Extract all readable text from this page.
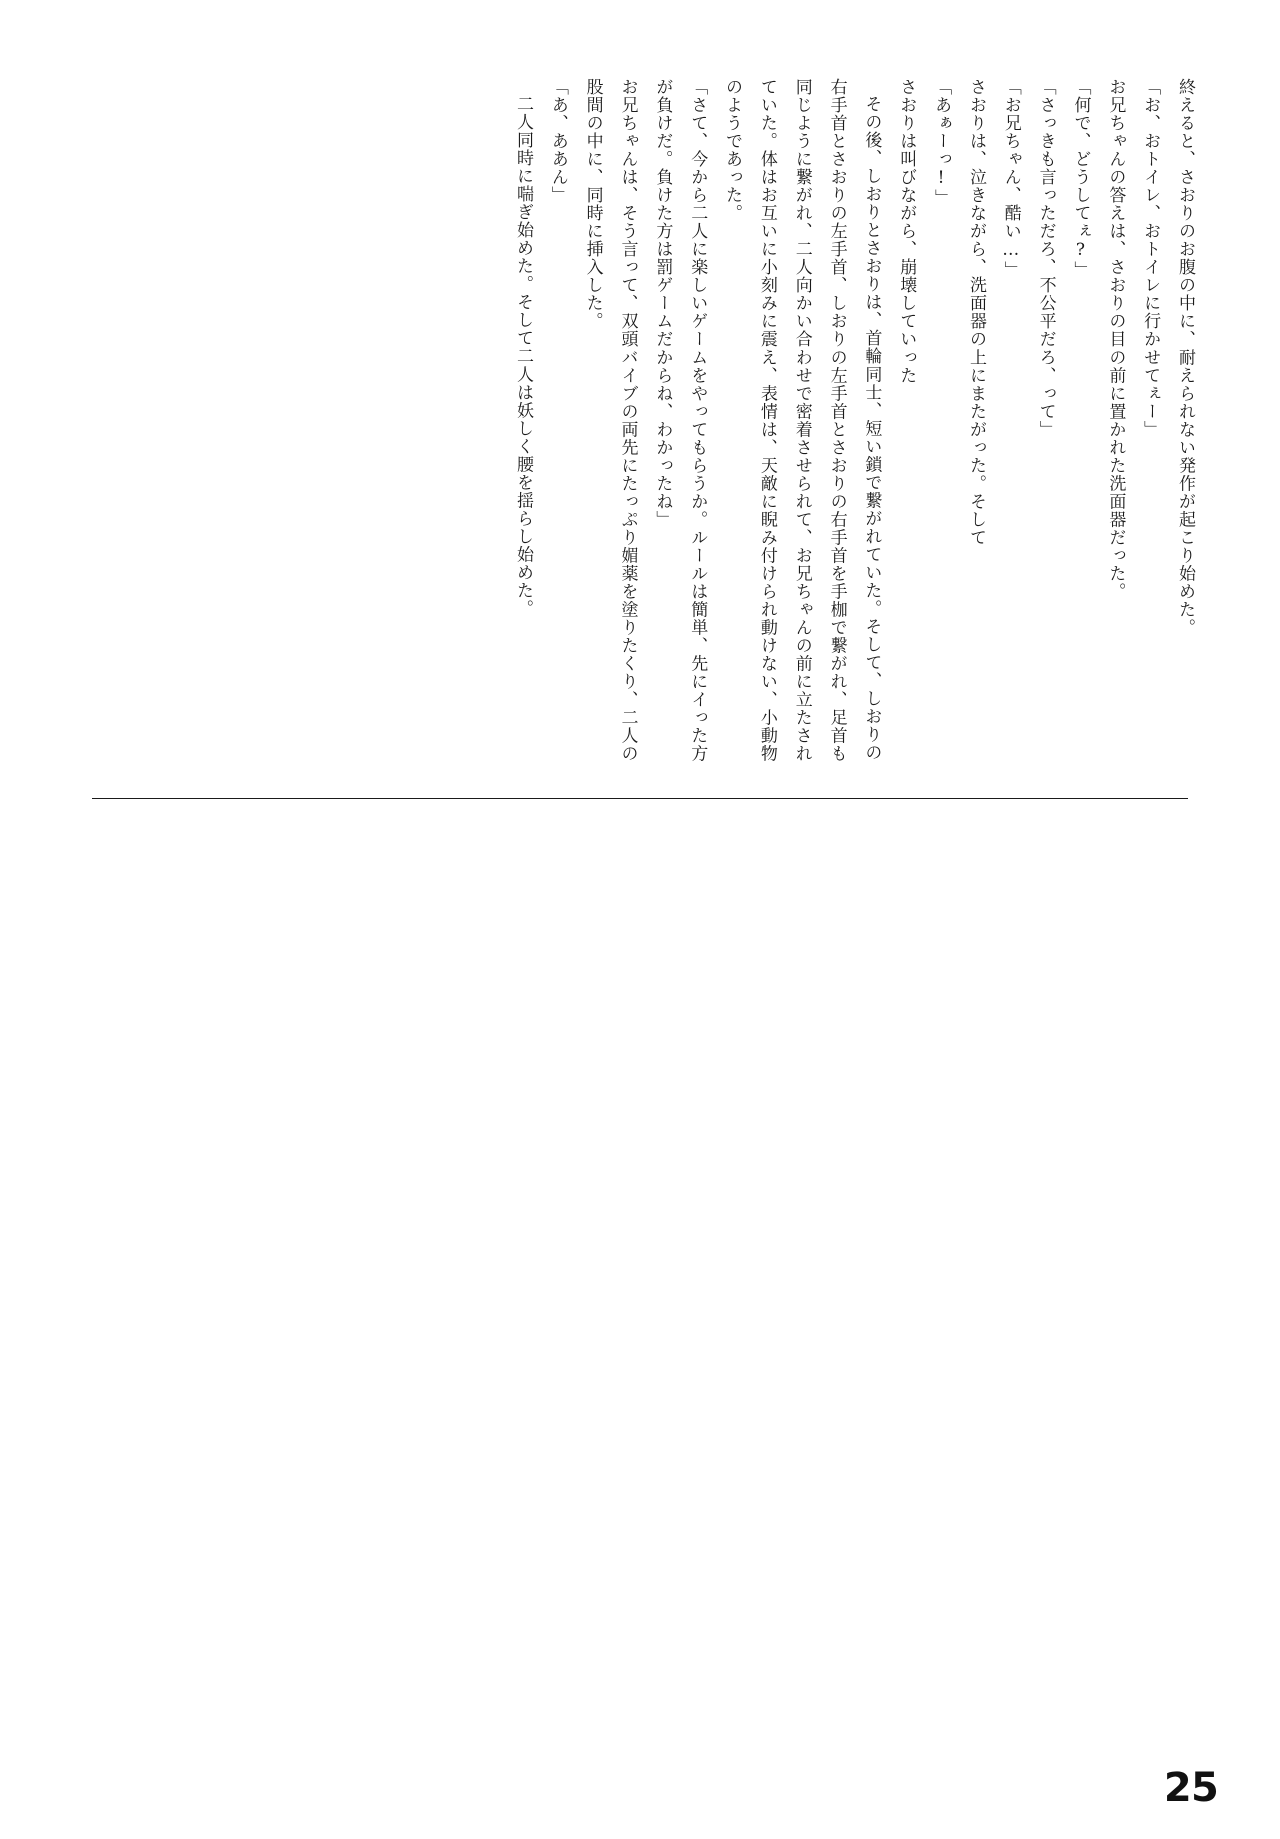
終えると、さおりのお腹の中に、耐えられない発作が起こり始めた。

「お、おトイレ、おトイレに行かせてぇー」

お兄ちゃんの答えは、さおりの目の前に置かれた洗面器だった。

「何で、どうしてぇ?」

「さっきも言っただろ、不公平だろ、って」

「お兄ちゃん、酷い…」

さおりは、泣きながら、洗面器の上にまたがった。そして

「あぁーっ!」

さおりは叫びながら、崩壊していった

その後、しおりとさおりは、首輪同士、短い鎖で繋がれていた。そして、しおりの右手首とさおりの左手首、しおりの左手首とさおりの右手首を手枷で繋がれ、足首も同じように繋がれ、二人向かい合わせで密着させられて、お兄ちゃんの前に立たされていた。体はお互いに小刻みに震え、表情は、天敵に睨み付けられ動けない、小動物のようであった。

「さて、今から二人に楽しいゲームをやってもらうか。ルールは簡単、先にイった方が負けだ。負けた方は罰ゲームだからね、わかったね」

お兄ちゃんは、そう言って、双頭バイブの両先にたっぷり媚薬を塗りたくり、二人の股間の中に、同時に挿入した。

「あ、ああん」

二人同時に喘ぎ始めた。そして二人は妖しく腰を揺らし始めた。

25
